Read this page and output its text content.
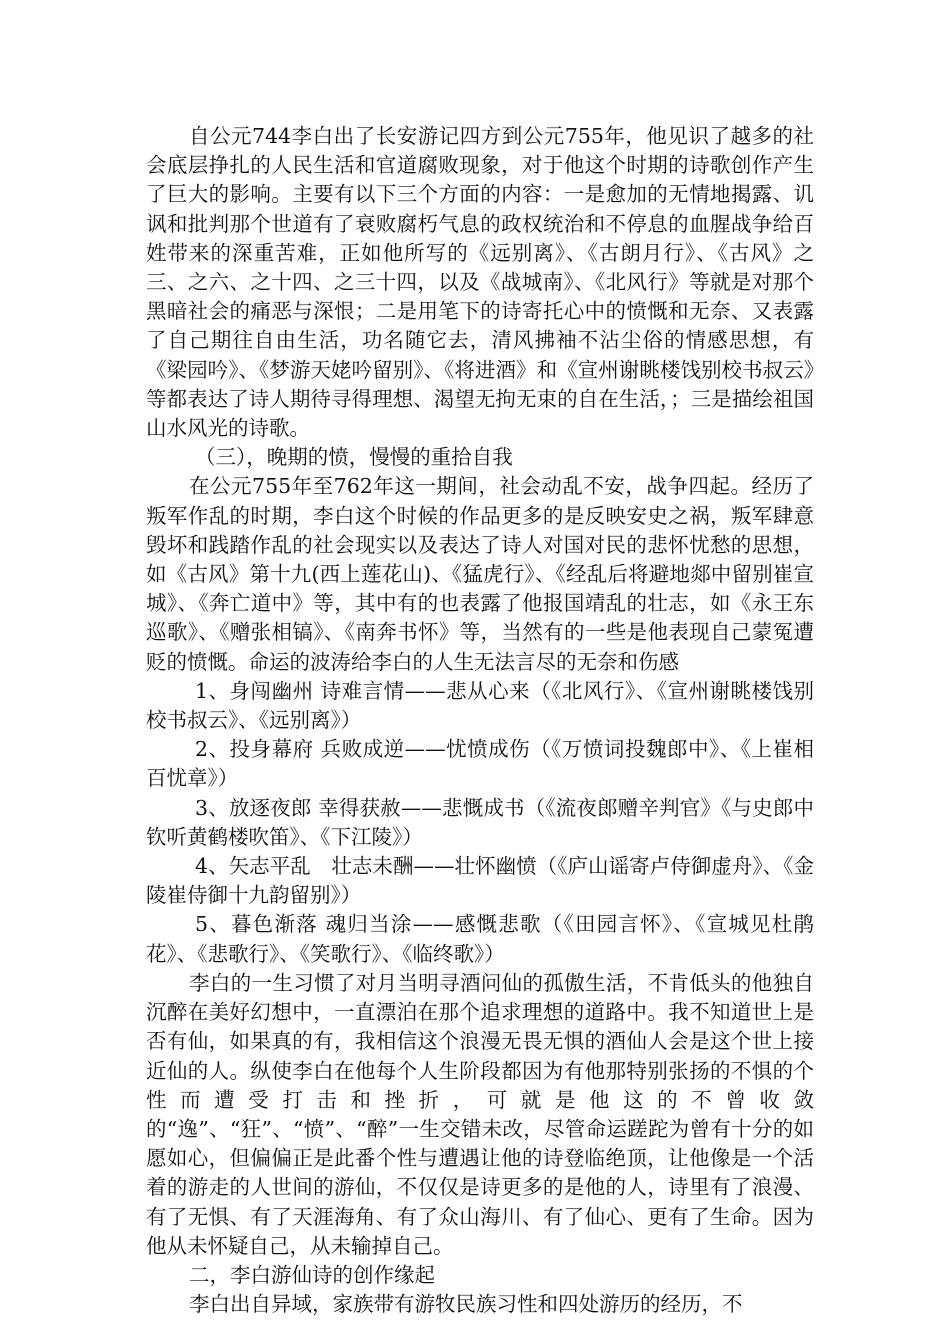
自公元744李白出了长安游记四方到公元755年，他见识了越多的社会底层挣扎的人民生活和官道腐败现象，对于他这个时期的诗歌创作产生了巨大的影响。主要有以下三个方面的内容：一是愈加的无情地揭露、讥讽和批判那个世道有了衰败腐朽气息的政权统治和不停息的血腥战争给百姓带来的深重苦难，正如他所写的《远别离》、《古朗月行》、《古风》之三、之六、之十四、之三十四，以及《战城南》、《北风行》等就是对那个黑暗社会的痛恶与深恨；二是用笔下的诗寄托心中的愤慨和无奈、又表露了自己期往自由生活，功名随它去，清风拂袖不沾尘俗的情感思想，有《梁园吟》、《梦游天姥吟留别》、《将进酒》和《宣州谢眺楼饯别校书叔云》等都表达了诗人期待寻得理想、渴望无拘无束的自在生活，；三是描绘祖国山水风光的诗歌。

（三），晚期的愤，慢慢的重拾自我

在公元755年至762年这一期间，社会动乱不安，战争四起。经历了叛军作乱的时期，李白这个时候的作品更多的是反映安史之祸，叛军肆意毁坏和践踏作乱的社会现实以及表达了诗人对国对民的悲怀忧愁的思想，如《古风》第十九(西上莲花山)、《猛虎行》、《经乱后将避地郯中留别崔宣城》、《奔亡道中》等，其中有的也表露了他报国靖乱的壮志，如《永王东巡歌》、《赠张相镐》、《南奔书怀》等，当然有的一些是他表现自己蒙冤遭贬的愤慨。命运的波涛给李白的人生无法言尽的无奈和伤感

1、身闯幽州 诗难言情——悲从心来（《北风行》、《宣州谢眺楼饯别校书叔云》、《远别离》）

2、投身幕府 兵败成逆——忧愤成伤（《万愤词投魏郎中》、《上崔相百忧章》）

3、放逐夜郎 幸得获赦——悲慨成书（《流夜郎赠辛判官》《与史郎中钦听黄鹤楼吹笛》、《下江陵》）

4、矢志平乱　壮志未酬——壮怀幽愤（《庐山谣寄卢侍御虚舟》、《金陵崔侍御十九韵留别》）

5、暮色渐落 魂归当涂——感慨悲歌（《田园言怀》、《宣城见杜鹃花》、《悲歌行》、《笑歌行》、《临终歌》）

李白的一生习惯了对月当明寻酒问仙的孤傲生活，不肯低头的他独自沉醉在美好幻想中，一直漂泊在那个追求理想的道路中。我不知道世上是否有仙，如果真的有，我相信这个浪漫无畏无惧的酒仙人会是这个世上接近仙的人。纵使李白在他每个人生阶段都因为有他那特别张扬的不惧的个性而遭受打击和挫折，可就是他这的不曾收敛的“逸”、“狂”、“愤”、“醉”一生交错未改，尽管命运蹉跎为曾有十分的如愿如心，但偏偏正是此番个性与遭遇让他的诗登临绝顶，让他像是一个活着的游走的人世间的游仙，不仅仅是诗更多的是他的人，诗里有了浪漫、有了无惧、有了天涯海角、有了众山海川、有了仙心、更有了生命。因为他从未怀疑自己，从未输掉自己。

二，李白游仙诗的创作缘起

李白出自异域，家族带有游牧民族习性和四处游历的经历，不
